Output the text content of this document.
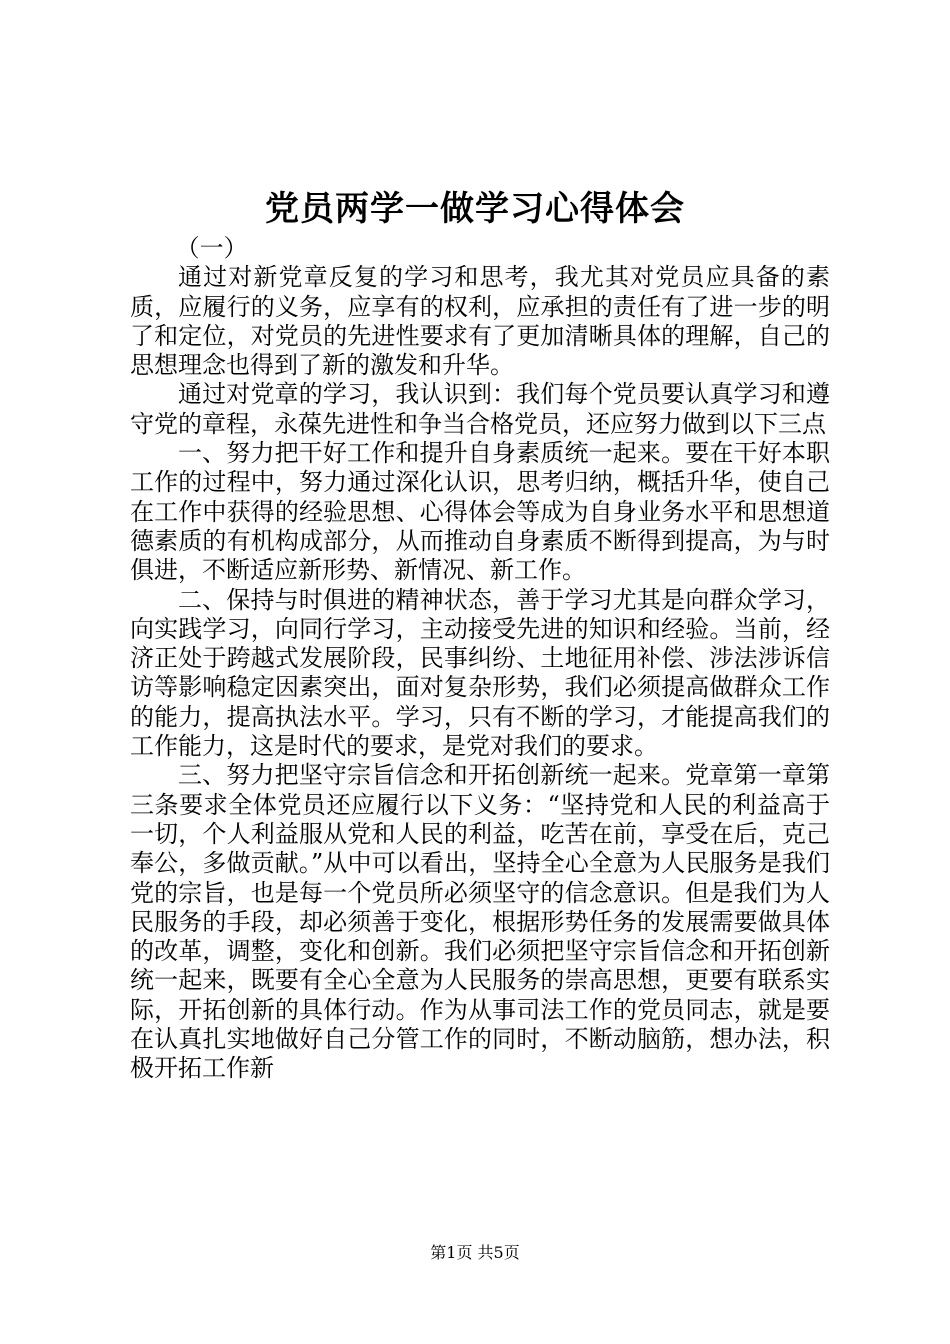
党员两学一做学习心得体会

（一）

通过对新党章反复的学习和思考，我尤其对党员应具备的素质，应履行的义务，应享有的权利，应承担的责任有了进一步的明了和定位，对党员的先进性要求有了更加清晰具体的理解，自己的思想理念也得到了新的激发和升华。

通过对党章的学习，我认识到：我们每个党员要认真学习和遵守党的章程，永葆先进性和争当合格党员，还应努力做到以下三点

一、努力把干好工作和提升自身素质统一起来。要在干好本职工作的过程中，努力通过深化认识，思考归纳，概括升华，使自己在工作中获得的经验思想、心得体会等成为自身业务水平和思想道德素质的有机构成部分，从而推动自身素质不断得到提高，为与时俱进，不断适应新形势、新情况、新工作。

二、保持与时俱进的精神状态，善于学习尤其是向群众学习，向实践学习，向同行学习，主动接受先进的知识和经验。当前，经济正处于跨越式发展阶段，民事纠纷、土地征用补偿、涉法涉诉信访等影响稳定因素突出，面对复杂形势，我们必须提高做群众工作的能力，提高执法水平。学习，只有不断的学习，才能提高我们的工作能力，这是时代的要求，是党对我们的要求。

三、努力把坚守宗旨信念和开拓创新统一起来。党章第一章第三条要求全体党员还应履行以下义务：“坚持党和人民的利益高于一切，个人利益服从党和人民的利益，吃苦在前，享受在后，克己奉公，多做贡献。”从中可以看出，坚持全心全意为人民服务是我们党的宗旨，也是每一个党员所必须坚守的信念意识。但是我们为人民服务的手段，却必须善于变化，根据形势任务的发展需要做具体的改革，调整，变化和创新。我们必须把坚守宗旨信念和开拓创新统一起来，既要有全心全意为人民服务的崇高思想，更要有联系实际，开拓创新的具体行动。作为从事司法工作的党员同志，就是要在认真扎实地做好自己分管工作的同时，不断动脑筋，想办法，积极开拓工作新

第1页 共5页
